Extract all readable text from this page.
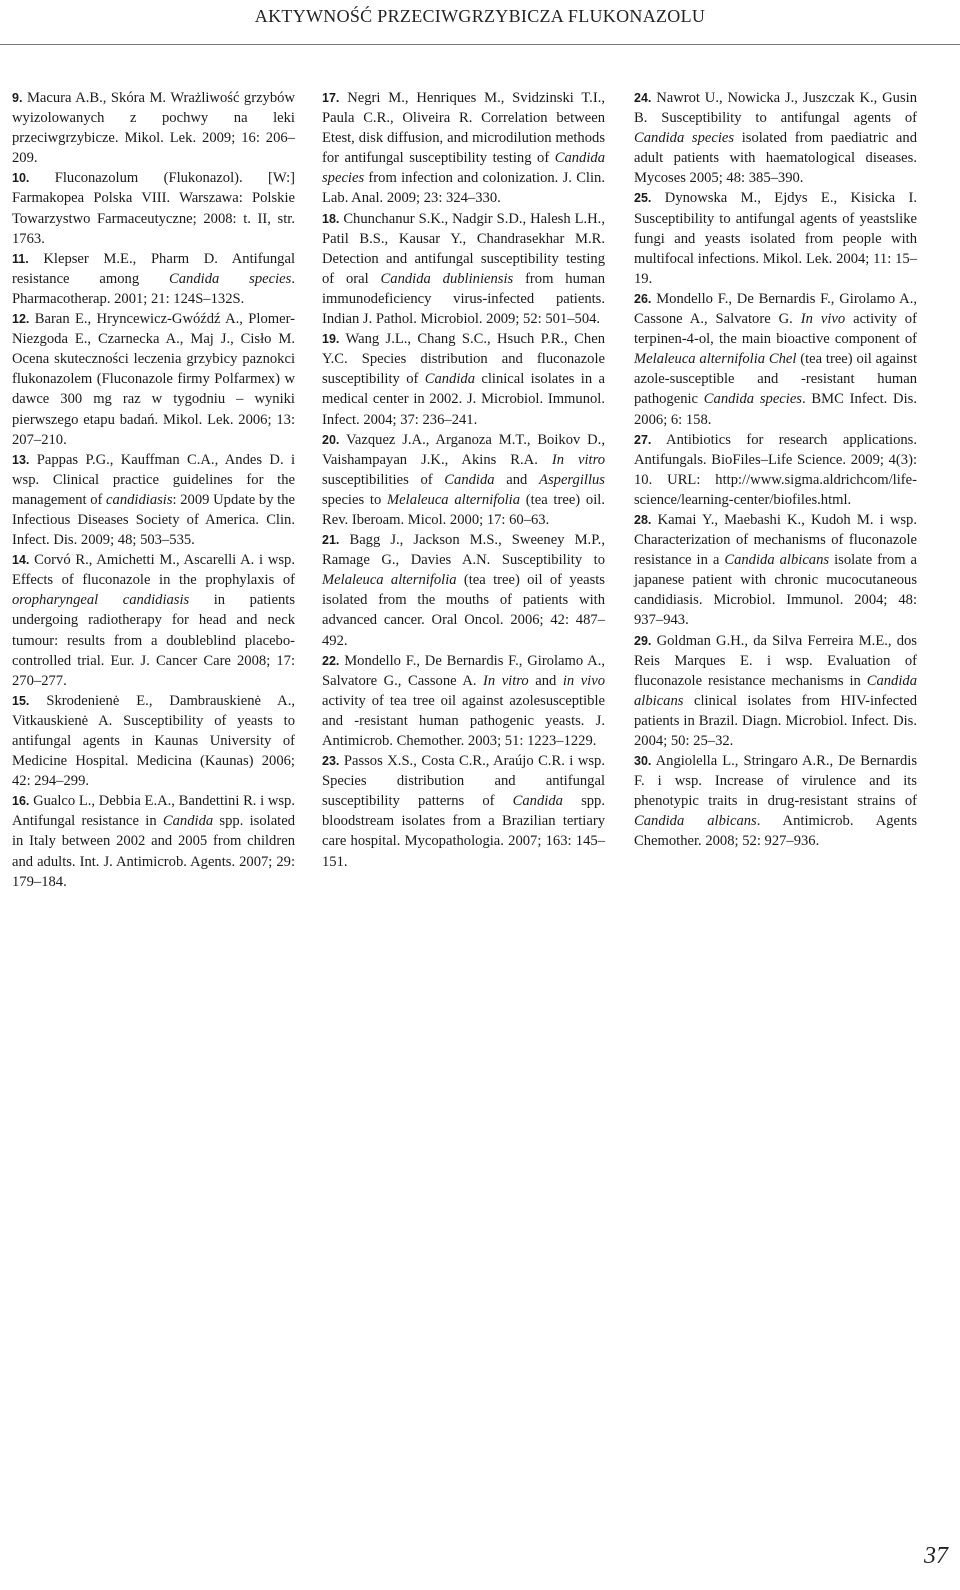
AKTYWNOŚĆ PRZECIWGRZYBICZA FLUKONAZOLU
9. Macura A.B., Skóra M. Wrażliwość grzybów wyizolowanych z pochwy na leki przeciwgrzybicze. Mikol. Lek. 2009; 16: 206–209.
10. Fluconazolum (Flukonazol). [W:] Farmakopea Polska VIII. Warszawa: Polskie Towarzystwo Farmaceutyczne; 2008: t. II, str. 1763.
11. Klepser M.E., Pharm D. Antifungal resistance among Candida species. Pharmacotherap. 2001; 21: 124S–132S.
12. Baran E., Hryncewicz-Gwóźdź A., Plomer-Niezgoda E., Czarnecka A., Maj J., Cisło M. Ocena skuteczności leczenia grzybicy paznokci flukonazolem (Fluconazole firmy Polfarmex) w dawce 300 mg raz w tygodniu – wyniki pierwszego etapu badań. Mikol. Lek. 2006; 13: 207–210.
13. Pappas P.G., Kauffman C.A., Andes D. i wsp. Clinical practice guidelines for the management of candidiasis: 2009 Update by the Infectious Diseases Society of America. Clin. Infect. Dis. 2009; 48; 503–535.
14. Corvó R., Amichetti M., Ascarelli A. i wsp. Effects of fluconazole in the prophylaxis of oropharyngeal candidiasis in patients undergoing radiotherapy for head and neck tumour: results from a doubleblind placebo-controlled trial. Eur. J. Cancer Care 2008; 17: 270–277.
15. Skrodenienė E., Dambrauskienė A., Vitkauskienė A. Susceptibility of yeasts to antifungal agents in Kaunas University of Medicine Hospital. Medicina (Kaunas) 2006; 42: 294–299.
16. Gualco L., Debbia E.A., Bandettini R. i wsp. Antifungal resistance in Candida spp. isolated in Italy between 2002 and 2005 from children and adults. Int. J. Antimicrob. Agents. 2007; 29: 179–184.
17. Negri M., Henriques M., Svidzinski T.I., Paula C.R., Oliveira R. Correlation between Etest, disk diffusion, and microdilution methods for antifungal susceptibility testing of Candida species from infection and colonization. J. Clin. Lab. Anal. 2009; 23: 324–330.
18. Chunchanur S.K., Nadgir S.D., Halesh L.H., Patil B.S., Kausar Y., Chandrasekhar M.R. Detection and antifungal susceptibility testing of oral Candida dubliniensis from human immunodeficiency virus-infected patients. Indian J. Pathol. Microbiol. 2009; 52: 501–504.
19. Wang J.L., Chang S.C., Hsuch P.R., Chen Y.C. Species distribution and fluconazole susceptibility of Candida clinical isolates in a medical center in 2002. J. Microbiol. Immunol. Infect. 2004; 37: 236–241.
20. Vazquez J.A., Arganoza M.T., Boikov D., Vaishampayan J.K., Akins R.A. In vitro susceptibilities of Candida and Aspergillus species to Melaleuca alternifolia (tea tree) oil. Rev. Iberoam. Micol. 2000; 17: 60–63.
21. Bagg J., Jackson M.S., Sweeney M.P., Ramage G., Davies A.N. Susceptibility to Melaleuca alternifolia (tea tree) oil of yeasts isolated from the mouths of patients with advanced cancer. Oral Oncol. 2006; 42: 487–492.
22. Mondello F., De Bernardis F., Girolamo A., Salvatore G., Cassone A. In vitro and in vivo activity of tea tree oil against azolesusceptible and -resistant human pathogenic yeasts. J. Antimicrob. Chemother. 2003; 51: 1223–1229.
23. Passos X.S., Costa C.R., Araújo C.R. i wsp. Species distribution and antifungal susceptibility patterns of Candida spp. bloodstream isolates from a Brazilian tertiary care hospital. Mycopathologia. 2007; 163: 145–151.
24. Nawrot U., Nowicka J., Juszczak K., Gusin B. Susceptibility to antifungal agents of Candida species isolated from paediatric and adult patients with haematological diseases. Mycoses 2005; 48: 385–390.
25. Dynowska M., Ejdys E., Kisicka I. Susceptibility to antifungal agents of yeastslike fungi and yeasts isolated from people with multifocal infections. Mikol. Lek. 2004; 11: 15–19.
26. Mondello F., De Bernardis F., Girolamo A., Cassone A., Salvatore G. In vivo activity of terpinen-4-ol, the main bioactive component of Melaleuca alternifolia Chel (tea tree) oil against azole-susceptible and -resistant human pathogenic Candida species. BMC Infect. Dis. 2006; 6: 158.
27. Antibiotics for research applications. Antifungals. BioFiles–Life Science. 2009; 4(3): 10. URL: http://www.sigma.aldrichcom/life-science/learning-center/biofiles.html.
28. Kamai Y., Maebashi K., Kudoh M. i wsp. Characterization of mechanisms of fluconazole resistance in a Candida albicans isolate from a japanese patient with chronic mucocutaneous candidiasis. Microbiol. Immunol. 2004; 48: 937–943.
29. Goldman G.H., da Silva Ferreira M.E., dos Reis Marques E. i wsp. Evaluation of fluconazole resistance mechanisms in Candida albicans clinical isolates from HIV-infected patients in Brazil. Diagn. Microbiol. Infect. Dis. 2004; 50: 25–32.
30. Angiolella L., Stringaro A.R., De Bernardis F. i wsp. Increase of virulence and its phenotypic traits in drug-resistant strains of Candida albicans. Antimicrob. Agents Chemother. 2008; 52: 927–936.
37
